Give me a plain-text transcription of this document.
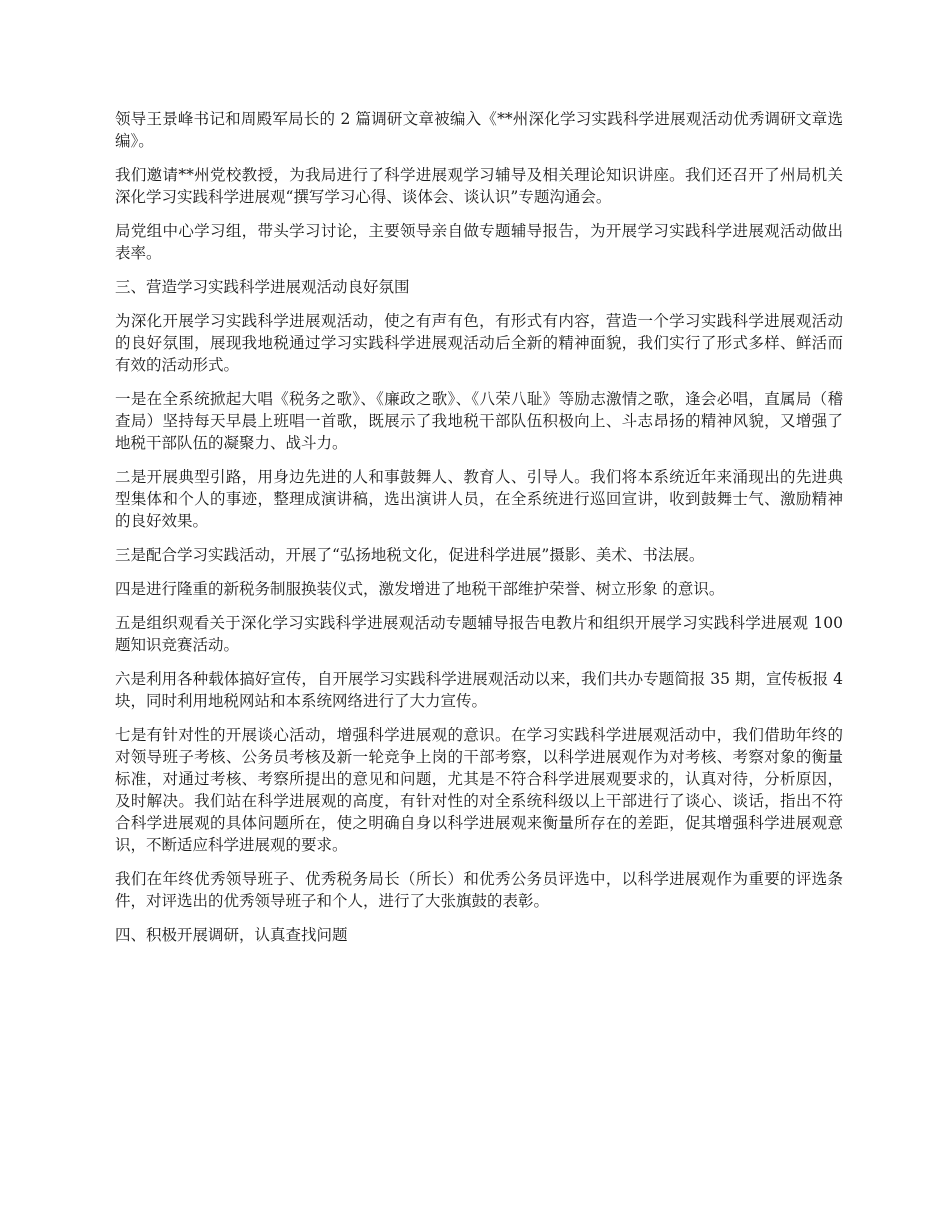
领导王景峰书记和周殿军局长的 2 篇调研文章被编入《**州深化学习实践科学进展观活动优秀调研文章选编》。

我们邀请**州党校教授，为我局进行了科学进展观学习辅导及相关理论知识讲座。我们还召开了州局机关深化学习实践科学进展观“撰写学习心得、谈体会、谈认识”专题沟通会。

局党组中心学习组，带头学习讨论，主要领导亲自做专题辅导报告，为开展学习实践科学进展观活动做出表率。

三、营造学习实践科学进展观活动良好氛围

为深化开展学习实践科学进展观活动，使之有声有色，有形式有内容，营造一个学习实践科学进展观活动的良好氛围，展现我地税通过学习实践科学进展观活动后全新的精神面貌，我们实行了形式多样、鲜活而有效的活动形式。

一是在全系统掀起大唱《税务之歌》、《廉政之歌》、《八荣八耻》等励志激情之歌，逢会必唱，直属局（稽查局）坚持每天早晨上班唱一首歌，既展示了我地税干部队伍积极向上、斗志昂扬的精神风貌，又增强了地税干部队伍的凝聚力、战斗力。

二是开展典型引路，用身边先进的人和事鼓舞人、教育人、引导人。我们将本系统近年来涌现出的先进典型集体和个人的事迹，整理成演讲稿，选出演讲人员，在全系统进行巡回宣讲，收到鼓舞士气、激励精神的良好效果。

三是配合学习实践活动，开展了“弘扬地税文化，促进科学进展”摄影、美术、书法展。

四是进行隆重的新税务制服换装仪式，激发增进了地税干部维护荣誉、树立形象 的意识。

五是组织观看关于深化学习实践科学进展观活动专题辅导报告电教片和组织开展学习实践科学进展观 100 题知识竞赛活动。

六是利用各种载体搞好宣传，自开展学习实践科学进展观活动以来，我们共办专题简报 35 期，宣传板报 4 块，同时利用地税网站和本系统网络进行了大力宣传。

七是有针对性的开展谈心活动，增强科学进展观的意识。在学习实践科学进展观活动中，我们借助年终的对领导班子考核、公务员考核及新一轮竞争上岗的干部考察，以科学进展观作为对考核、考察对象的衡量标准，对通过考核、考察所提出的意见和问题，尤其是不符合科学进展观要求的，认真对待，分析原因，及时解决。我们站在科学进展观的高度，有针对性的对全系统科级以上干部进行了谈心、谈话，指出不符合科学进展观的具体问题所在，使之明确自身以科学进展观来衡量所存在的差距，促其增强科学进展观意识，不断适应科学进展观的要求。

我们在年终优秀领导班子、优秀税务局长（所长）和优秀公务员评选中，以科学进展观作为重要的评选条件，对评选出的优秀领导班子和个人，进行了大张旗鼓的表彰。

四、积极开展调研，认真查找问题
